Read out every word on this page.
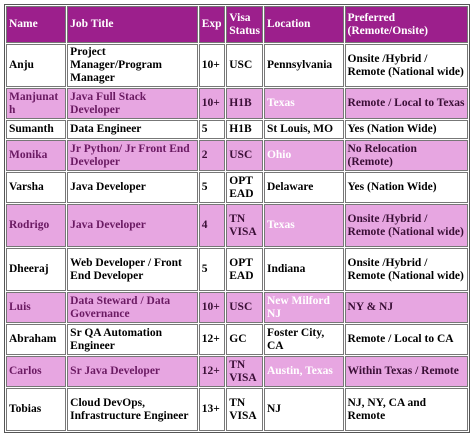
Name	Job Title	Exp	Visa Status	Location	Preferred (Remote/Onsite)
Anju	Project Manager/Program Manager	10+	USC	Pennsylvania	Onsite /Hybrid / Remote (National wide)
Manjunath	Java Full Stack Developer	10+	H1B	Texas	Remote / Local to Texas
Sumanth	Data Engineer	5	H1B	St Louis, MO	Yes (Nation Wide)
Monika	Jr Python/ Jr Front End Developer	2	USC	Ohio	No Relocation (Remote)
Varsha	Java Developer	5	OPT EAD	Delaware	Yes (Nation Wide)
Rodrigo	Java Developer	4	TN VISA	Texas	Onsite /Hybrid / Remote (National wide)
Dheeraj	Web Developer / Front End Developer	5	OPT EAD	Indiana	Onsite /Hybrid / Remote (National wide)
Luis	Data Steward / Data Governance	10+	USC	New Milford NJ	NY & NJ
Abraham	Sr QA Automation Engineer	12+	GC	Foster City, CA	Remote / Local to CA
Carlos	Sr Java Developer	12+	TN VISA	Austin, Texas	Within Texas / Remote
Tobias	Cloud DevOps, Infrastructure Engineer	13+	TN VISA	NJ	NJ, NY, CA and Remote
